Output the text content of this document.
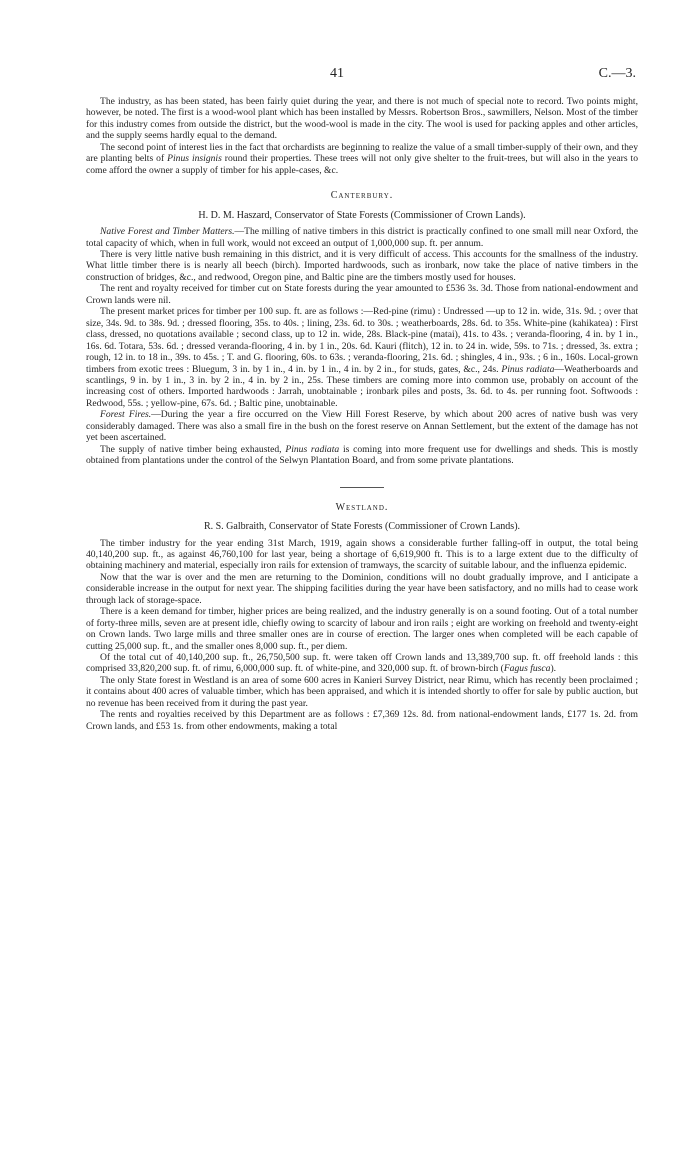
41	C.—3.

The industry, as has been stated, has been fairly quiet during the year, and there is not much of special note to record. Two points might, however, be noted. The first is a wood-wool plant which has been installed by Messrs. Robertson Bros., sawmillers, Nelson. Most of the timber for this industry comes from outside the district, but the wood-wool is made in the city. The wool is used for packing apples and other articles, and the supply seems hardly equal to the demand.

The second point of interest lies in the fact that orchardists are beginning to realize the value of a small timber-supply of their own, and they are planting belts of Pinus insignis round their properties. These trees will not only give shelter to the fruit-trees, but will also in the years to come afford the owner a supply of timber for his apple-cases, &c.

Canterbury.
H. D. M. Haszard, Conservator of State Forests (Commissioner of Crown Lands).

Native Forest and Timber Matters.—The milling of native timbers in this district is practically confined to one small mill near Oxford, the total capacity of which, when in full work, would not exceed an output of 1,000,000 sup. ft. per annum.

There is very little native bush remaining in this district, and it is very difficult of access. This accounts for the smallness of the industry. What little timber there is is nearly all beech (birch). Imported hardwoods, such as ironbark, now take the place of native timbers in the construction of bridges, &c., and redwood, Oregon pine, and Baltic pine are the timbers mostly used for houses.

The rent and royalty received for timber cut on State forests during the year amounted to £536 3s. 3d. Those from national-endowment and Crown lands were nil.

The present market prices for timber per 100 sup. ft. are as follows :—Red-pine (rimu) : Undressed —up to 12 in. wide, 31s. 9d. ; over that size, 34s. 9d. to 38s. 9d. ; dressed flooring, 35s. to 40s. ; lining, 23s. 6d. to 30s. ; weatherboards, 28s. 6d. to 35s. White-pine (kahikatea) : First class, dressed, no quotations available ; second class, up to 12 in. wide, 28s. Black-pine (matai), 41s. to 43s. ; veranda-flooring, 4 in. by 1 in., 16s. 6d. Totara, 53s. 6d. ; dressed veranda-flooring, 4 in. by 1 in., 20s. 6d. Kauri (flitch), 12 in. to 24 in. wide, 59s. to 71s. ; dressed, 3s. extra ; rough, 12 in. to 18 in., 39s. to 45s. ; T. and G. flooring, 60s. to 63s. ; veranda-flooring, 21s. 6d. ; shingles, 4 in., 93s. ; 6 in., 160s. Local-grown timbers from exotic trees : Bluegum, 3 in. by 1 in., 4 in. by 1 in., 4 in. by 2 in., for studs, gates, &c., 24s. Pinus radiata—Weatherboards and scantlings, 9 in. by 1 in., 3 in. by 2 in., 4 in. by 2 in., 25s. These timbers are coming more into common use, probably on account of the increasing cost of others. Imported hardwoods : Jarrah, unobtainable ; ironbark piles and posts, 3s. 6d. to 4s. per running foot. Softwoods : Redwood, 55s. ; yellow-pine, 67s. 6d. ; Baltic pine, unobtainable.

Forest Fires.—During the year a fire occurred on the View Hill Forest Reserve, by which about 200 acres of native bush was very considerably damaged. There was also a small fire in the bush on the forest reserve on Annan Settlement, but the extent of the damage has not yet been ascertained.

The supply of native timber being exhausted, Pinus radiata is coming into more frequent use for dwellings and sheds. This is mostly obtained from plantations under the control of the Selwyn Plantation Board, and from some private plantations.

Westland.
R. S. Galbraith, Conservator of State Forests (Commissioner of Crown Lands).

The timber industry for the year ending 31st March, 1919, again shows a considerable further falling-off in output, the total being 40,140,200 sup. ft., as against 46,760,100 for last year, being a shortage of 6,619,900 ft. This is to a large extent due to the difficulty of obtaining machinery and material, especially iron rails for extension of tramways, the scarcity of suitable labour, and the influenza epidemic.

Now that the war is over and the men are returning to the Dominion, conditions will no doubt gradually improve, and I anticipate a considerable increase in the output for next year. The shipping facilities during the year have been satisfactory, and no mills had to cease work through lack of storage-space.

There is a keen demand for timber, higher prices are being realized, and the industry generally is on a sound footing. Out of a total number of forty-three mills, seven are at present idle, chiefly owing to scarcity of labour and iron rails ; eight are working on freehold and twenty-eight on Crown lands. Two large mills and three smaller ones are in course of erection. The larger ones when completed will be each capable of cutting 25,000 sup. ft., and the smaller ones 8,000 sup. ft., per diem.

Of the total cut of 40,140,200 sup. ft., 26,750,500 sup. ft. were taken off Crown lands and 13,389,700 sup. ft. off freehold lands : this comprised 33,820,200 sup. ft. of rimu, 6,000,000 sup. ft. of white-pine, and 320,000 sup. ft. of brown-birch (Fagus fusca).

The only State forest in Westland is an area of some 600 acres in Kanieri Survey District, near Rimu, which has recently been proclaimed ; it contains about 400 acres of valuable timber, which has been appraised, and which it is intended shortly to offer for sale by public auction, but no revenue has been received from it during the past year.

The rents and royalties received by this Department are as follows : £7,369 12s. 8d. from national-endowment lands, £177 1s. 2d. from Crown lands, and £53 1s. from other endowments, making a total
